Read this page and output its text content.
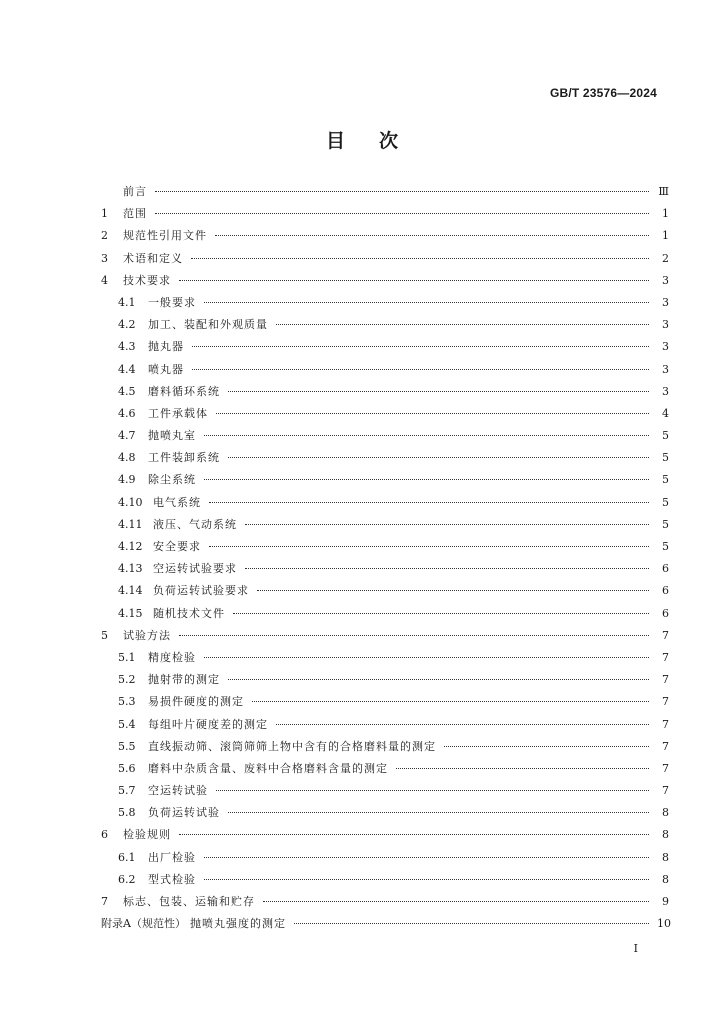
GB/T 23576—2024
目 次
前言	Ⅲ
1	范围	1
2	规范性引用文件	1
3	术语和定义	2
4	技术要求	3
4.1	一般要求	3
4.2	加工、装配和外观质量	3
4.3	抛丸器	3
4.4	喷丸器	3
4.5	磨料循环系统	3
4.6	工件承载体	4
4.7	抛喷丸室	5
4.8	工件装卸系统	5
4.9	除尘系统	5
4.10 电气系统	5
4.11 液压、气动系统	5
4.12 安全要求	5
4.13 空运转试验要求	6
4.14 负荷运转试验要求	6
4.15 随机技术文件	6
5	试验方法	7
5.1	精度检验	7
5.2	抛射带的测定	7
5.3	易损件硬度的测定	7
5.4	每组叶片硬度差的测定	7
5.5	直线振动筛、滚筒筛筛上物中含有的合格磨料量的测定	7
5.6	磨料中杂质含量、废料中合格磨料含量的测定	7
5.7	空运转试验	7
5.8	负荷运转试验	8
6	检验规则	8
6.1	出厂检验	8
6.2	型式检验	8
7	标志、包装、运输和贮存	9
附录A（规范性） 抛喷丸强度的测定	10
Ⅰ
